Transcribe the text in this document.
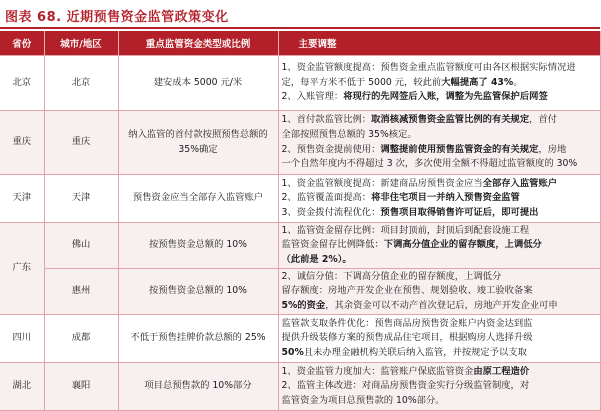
图表 68. 近期预售资金监管政策变化
省份	城市/地区	重点监管资金类型或比例	主要调整
北京	北京	建安成本 5000 元/米	1、资金监管额度提高：预售资金重点监管额度可由各区根据实际情况进
定，每平方米不低于 5000 元，较此前大幅提高了 43%。
2、入账管理：将现行的先网签后入账，调整为先监管保护后网签

重庆	重庆	纳入监管的首付款按照预售总额的 35%确定	1、首付款监管比例：取消核减预售资金监管比例的有关规定，首付
全部按照预售总额的 35%核定。
2、预售资金提前使用：调整提前使用预售监管资金的有关规定，房地
一个自然年度内不得超过 3 次，多次使用全额不得超过监管额度的 30%

天津	天津	预售资金应当全部存入监管账户	1、资金监管额度提高：新建商品房预售资金应当全部存入监管账户
2、监管覆盖面提高：将非住宅项目一并纳入预售资金监管
3、资金拨付流程优化：预售项目取得销售许可证后，即可提出

广东	佛山	按预售资金总额的 10%	1、监管资金留存比例：项目封顶前，封顶后到配套设施工程
监管资金留存比例降低：下调高分值企业的留存额度，上调低分
（此前是 2%）。

	惠州	按预售资金总额的 10%	2、诚信分值：下调高分值企业的留存额度，上调低分
留存额度：房地产开发企业在预售、规划验收、竣工验收备案
5%的资金，其余资金可以不动产首次登记后，房地产开发企业可申

四川	成都	不低于预售挂牌价款总额的 25%	监管款支取条件优化：预售商品房预售资金账户内资金达到监
提供升级装修方案的预售成品住宅项目，根据购房人选择升级
50%且未办理金融机构关联后纳入监管，并按规定予以支取

湖北	襄阳	项目总预售款的 10%部分	1、资金监管力度加大：监管账户保底监管资金由原工程造价
2、监管主体改进：对商品房预售资金实行分级监管制度，对
监管资金为项目总预售款的 10%部分。
